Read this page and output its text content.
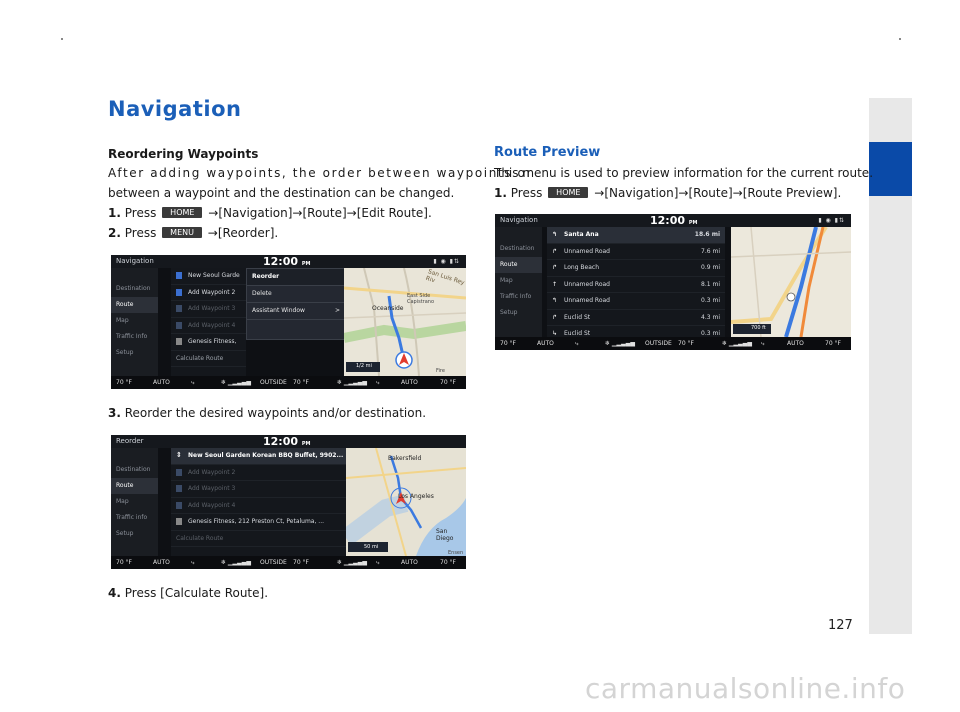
Navigation
Reordering Waypoints
After adding waypoints, the order between waypoints or
between a waypoint and the destination can be changed.
1. Press HOME →[Navigation]→[Route]→[Edit Route].
2. Press MENU →[Reorder].
Navigation	12:00 PM	▮ ◉ ▮⇅
Destination
Route
Map
Traffic Info
Setup
New Seoul Garde
Add Waypoint 2
Add Waypoint 3
Add Waypoint 4
Genesis Fitness,
Calculate Route
Reorder
Delete
Assistant Window	>
San Luis Rey Riv
East Side Capistrano
Oceanside
Fire
1/2 mi
70 °F	AUTO	⤷	❄ ▁▂▃▄▅ OUTSIDE 70 °F	❄ ▁▂▃▄▅ ⤷	AUTO	70 °F
3. Reorder the desired waypoints and/or destination.
Reorder	12:00 PM
Destination
Route
Map
Traffic info
Setup
⇕ New Seoul Garden Korean BBQ Buffet, 9902...
Add Waypoint 2
Add Waypoint 3
Add Waypoint 4
Genesis Fitness, 212 Preston Ct, Petaluma, ...
Calculate Route
Bakersfield
Los Angeles
San Diego
Ensen
50 mi
70 °F	AUTO	⤷	❄ ▁▂▃▄▅ OUTSIDE 70 °F	❄ ▁▂▃▄▅ ⤷	AUTO	70 °F
4. Press [Calculate Route].
Route Preview
This menu is used to preview information for the current route.
1. Press HOME →[Navigation]→[Route]→[Route Preview].
Navigation	12:00 PM	▮ ◉ ▮⇅
Destination
Route
Map
Traffic Info
Setup
↰ Santa Ana	18.6 mi
↱ Unnamed Road	7.6 mi
↱ Long Beach	0.9 mi
↑ Unnamed Road	8.1 mi
↰ Unnamed Road	0.3 mi
↱ Euclid St	4.3 mi
↳ Euclid St	0.3 mi
700 ft
70 °F	AUTO	⤷	❄ ▁▂▃▄▅ OUTSIDE 70 °F	❄ ▁▂▃▄▅ ⤷	AUTO	70 °F
127
carmanualsonline.info
